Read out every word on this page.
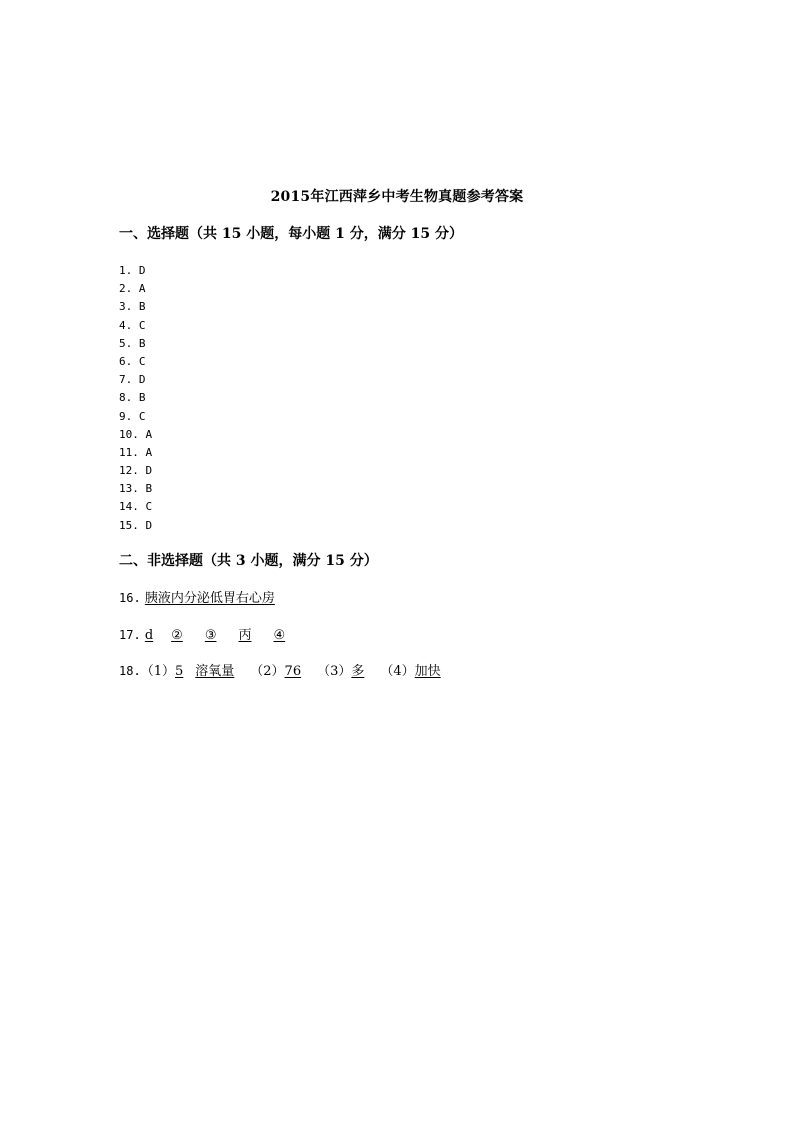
2015年江西萍乡中考生物真题参考答案
一、选择题（共 15 小题，每小题 1 分，满分 15 分）
1. D
2. A
3. B
4. C
5. B
6. C
7. D
8. B
9. C
10. A
11. A
12. D
13. B
14. C
15. D
二、非选择题（共 3 小题，满分 15 分）
16. 胰液内分泌低胃右心房
17. d ② ③ 丙 ④
18.（1）5 溶氧量 （2）76 （3）多 （4）加快
